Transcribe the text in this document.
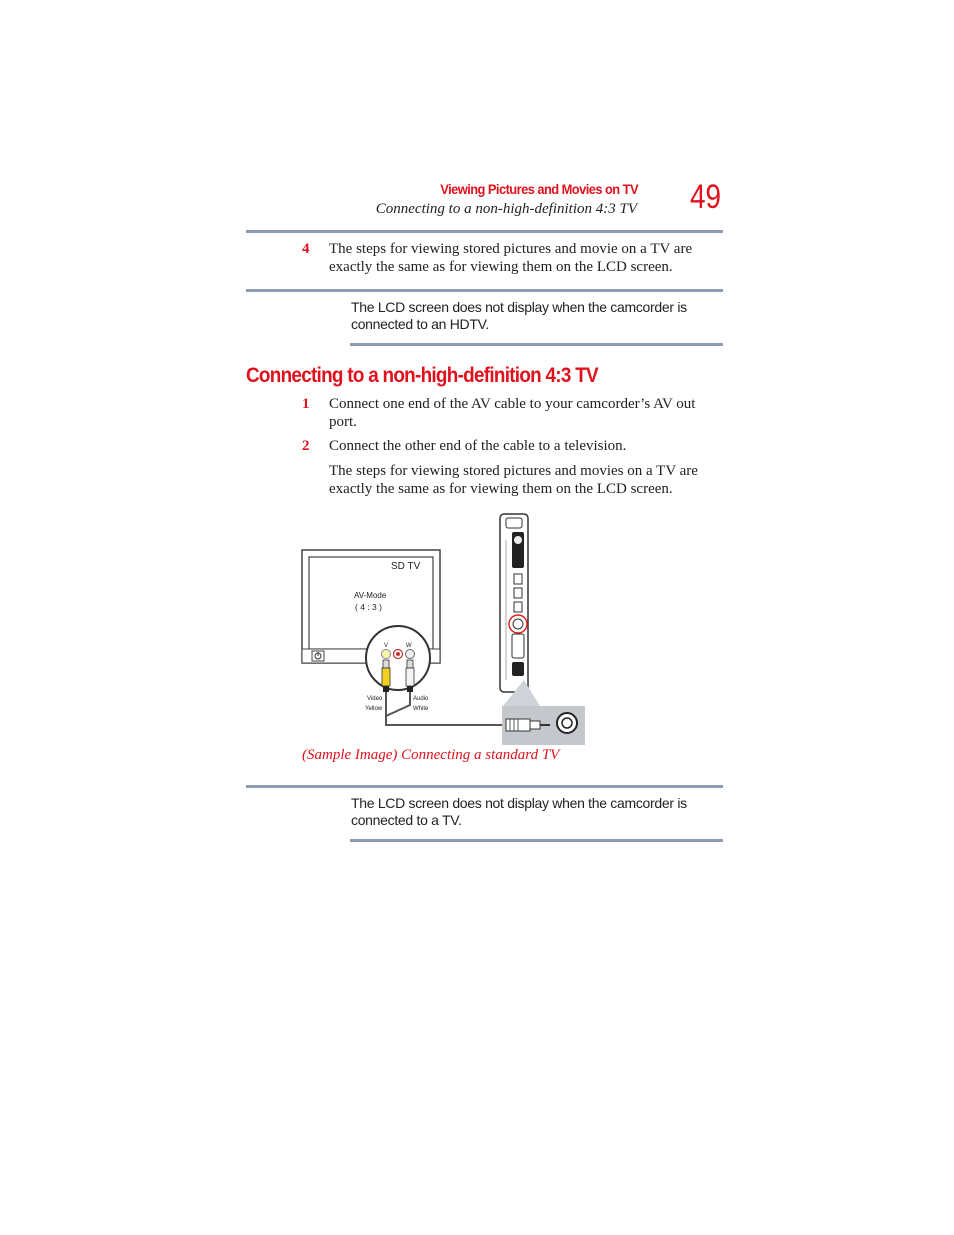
Viewing Pictures and Movies on TV
Connecting to a non-high-definition 4:3 TV 49
4	The steps for viewing stored pictures and movie on a TV are exactly the same as for viewing them on the LCD screen.
The LCD screen does not display when the camcorder is connected to an HDTV.
Connecting to a non-high-definition 4:3 TV
1	Connect one end of the AV cable to your camcorder’s AV out port.
2	Connect the other end of the cable to a television.
The steps for viewing stored pictures and movies on a TV are exactly the same as for viewing them on the LCD screen.
SD TV
AV-Mode
( 4 : 3 )
V	W
Video
Yellow
Audio
White
(Sample Image) Connecting a standard TV
The LCD screen does not display when the camcorder is connected to a TV.
